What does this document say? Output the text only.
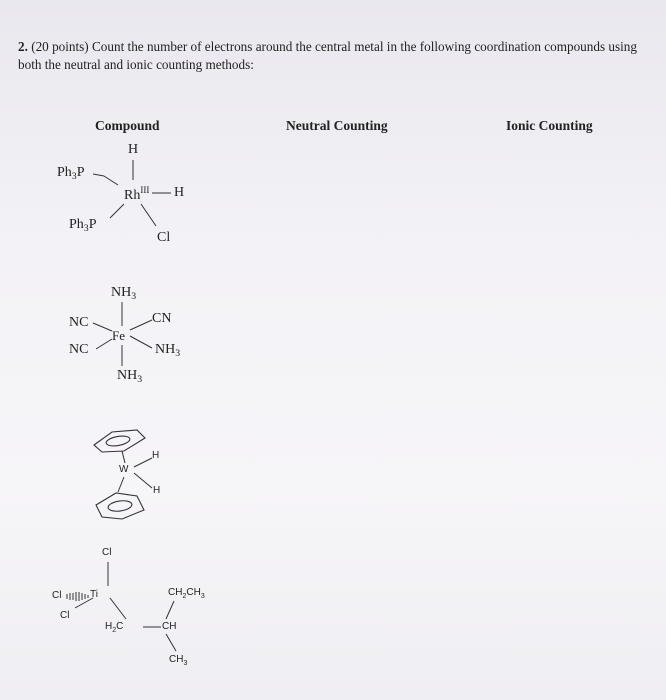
2. (20 points) Count the number of electrons around the central metal in the following coordination compounds using both the neutral and ionic counting methods:
Compound	Neutral Counting	Ionic Counting
H
$Ph_3P$
$Rh^{III}$ H
$Ph_3P$
Cl
$NH_3$
NC	CN
Fe
NC	$NH_3$
$NH_3$
W
H
H
Cl
Cl	Ti
Cl
$CH_2CH_3$
$H_2C$	CH
$CH_3$
